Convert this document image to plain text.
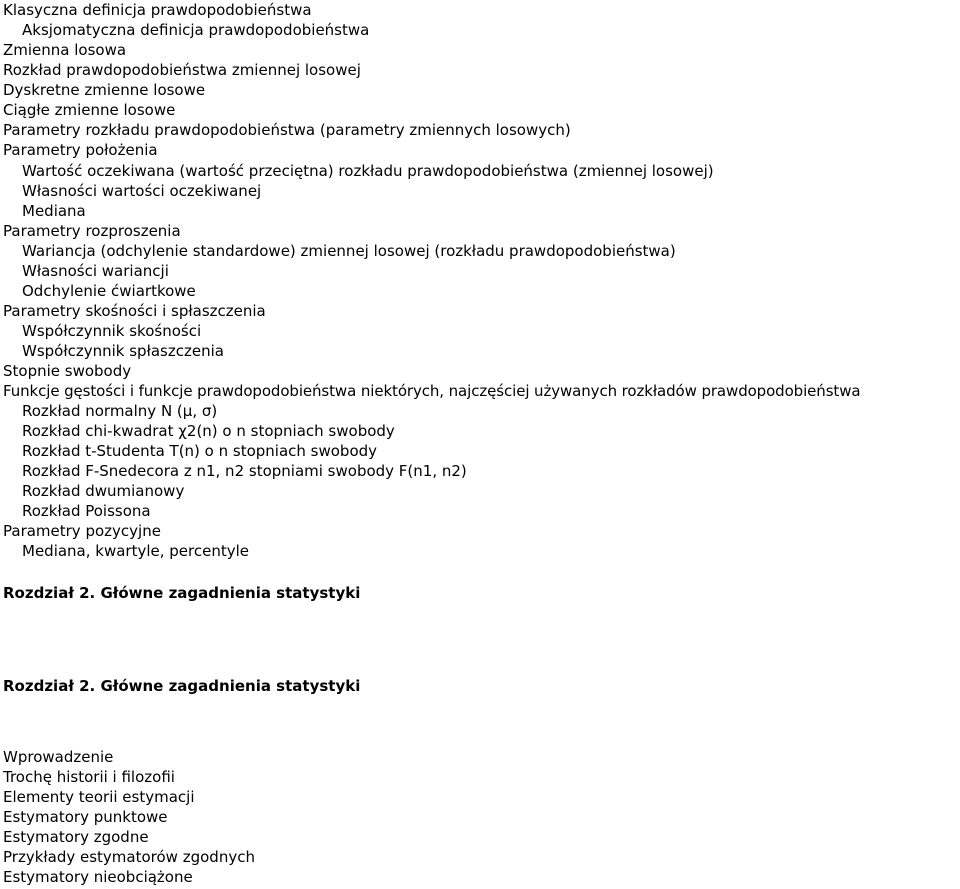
Klasyczna definicja prawdopodobieństwa
Aksjomatyczna definicja prawdopodobieństwa
Zmienna losowa
Rozkład prawdopodobieństwa zmiennej losowej
Dyskretne zmienne losowe
Ciągłe zmienne losowe
Parametry rozkładu prawdopodobieństwa (parametry zmiennych losowych)
Parametry położenia
Wartość oczekiwana (wartość przeciętna) rozkładu prawdopodobieństwa (zmiennej losowej)
Własności wartości oczekiwanej
Mediana
Parametry rozproszenia
Wariancja (odchylenie standardowe) zmiennej losowej (rozkładu prawdopodobieństwa)
Własności wariancji
Odchylenie ćwiartkowe
Parametry skośności i spłaszczenia
Współczynnik skośności
Współczynnik spłaszczenia
Stopnie swobody
Funkcje gęstości i funkcje prawdopodobieństwa niektórych, najczęściej używanych rozkładów prawdopodobieństwa
Rozkład normalny N (μ, σ)
Rozkład chi-kwadrat χ2(n) o n stopniach swobody
Rozkład t-Studenta T(n) o n stopniach swobody
Rozkład F-Snedecora z n1, n2 stopniami swobody F(n1, n2)
Rozkład dwumianowy
Rozkład Poissona
Parametry pozycyjne
Mediana, kwartyle, percentyle
Rozdział 2. Główne zagadnienia statystyki
Rozdział 2. Główne zagadnienia statystyki
Wprowadzenie
Trochę historii i filozofii
Elementy teorii estymacji
Estymatory punktowe
Estymatory zgodne
Przykłady estymatorów zgodnych
Estymatory nieobciążone
